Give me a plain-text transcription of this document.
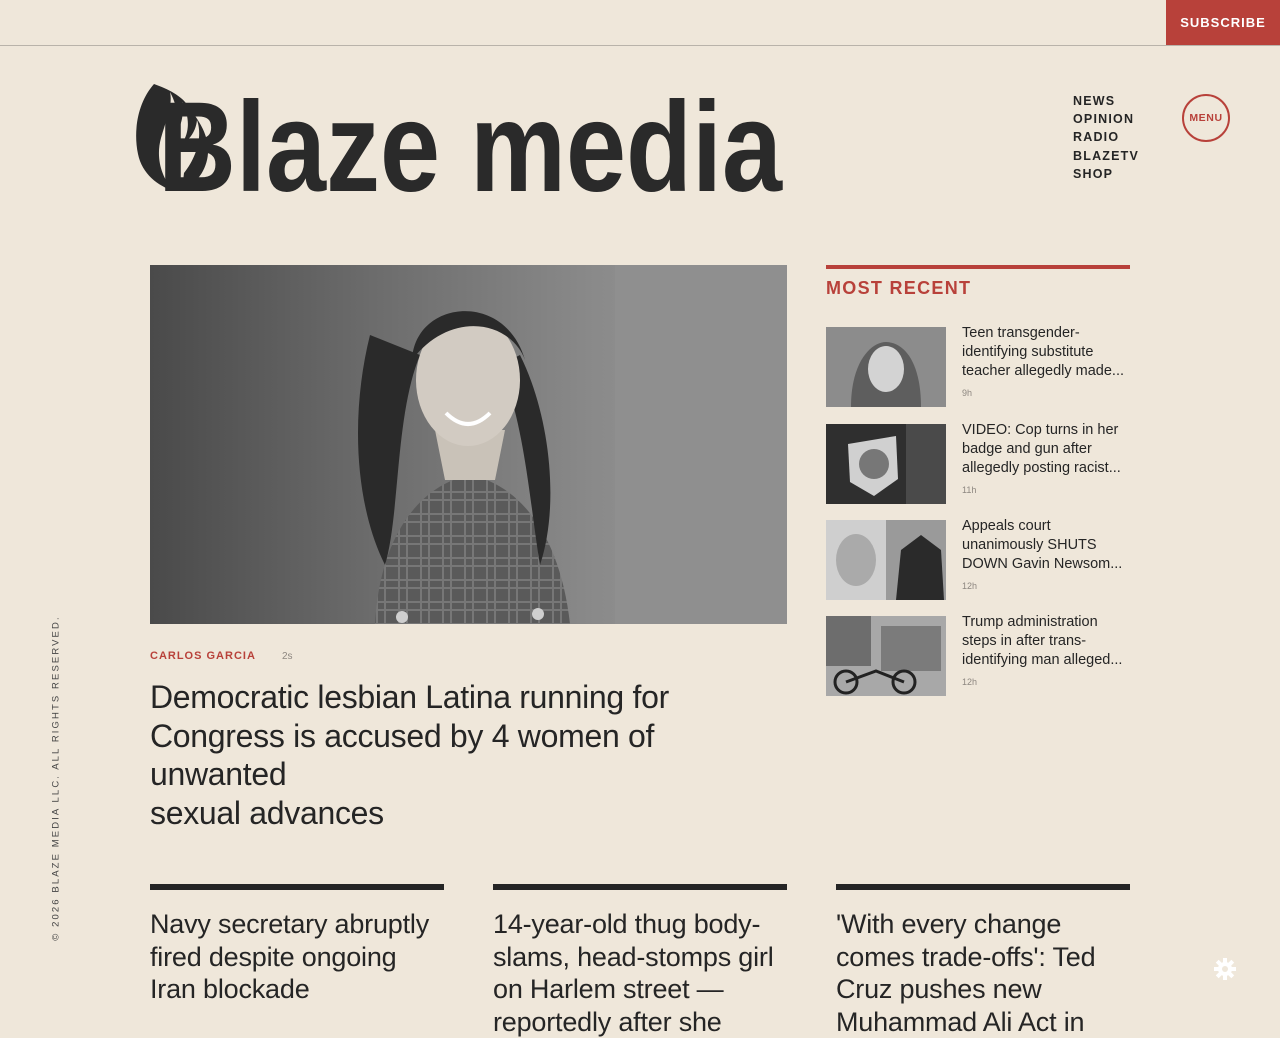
SUBSCRIBE
Blaze media	NEWS
OPINION
RADIO
BLAZETV
SHOP
MENU
© 2026 BLAZE MEDIA LLC. ALL RIGHTS RESERVED.	CARLOS GARCIA	2s
Democratic lesbian Latina running for
Congress is accused by 4 women of unwanted
sexual advances
MOST RECENT
Teen transgender-
identifying substitute
teacher allegedly made...
9h
VIDEO: Cop turns in her
badge and gun after
allegedly posting racist...
11h
Appeals court
unanimously SHUTS
DOWN Gavin Newsom...
12h
Trump administration
steps in after trans-
identifying man alleged...
12h
Navy secretary abruptly
fired despite ongoing
Iran blockade
14-year-old thug body-
slams, head-stomps girl
on Harlem street —
reportedly after she
'With every change
comes trade-offs': Ted
Cruz pushes new
Muhammad Ali Act in
